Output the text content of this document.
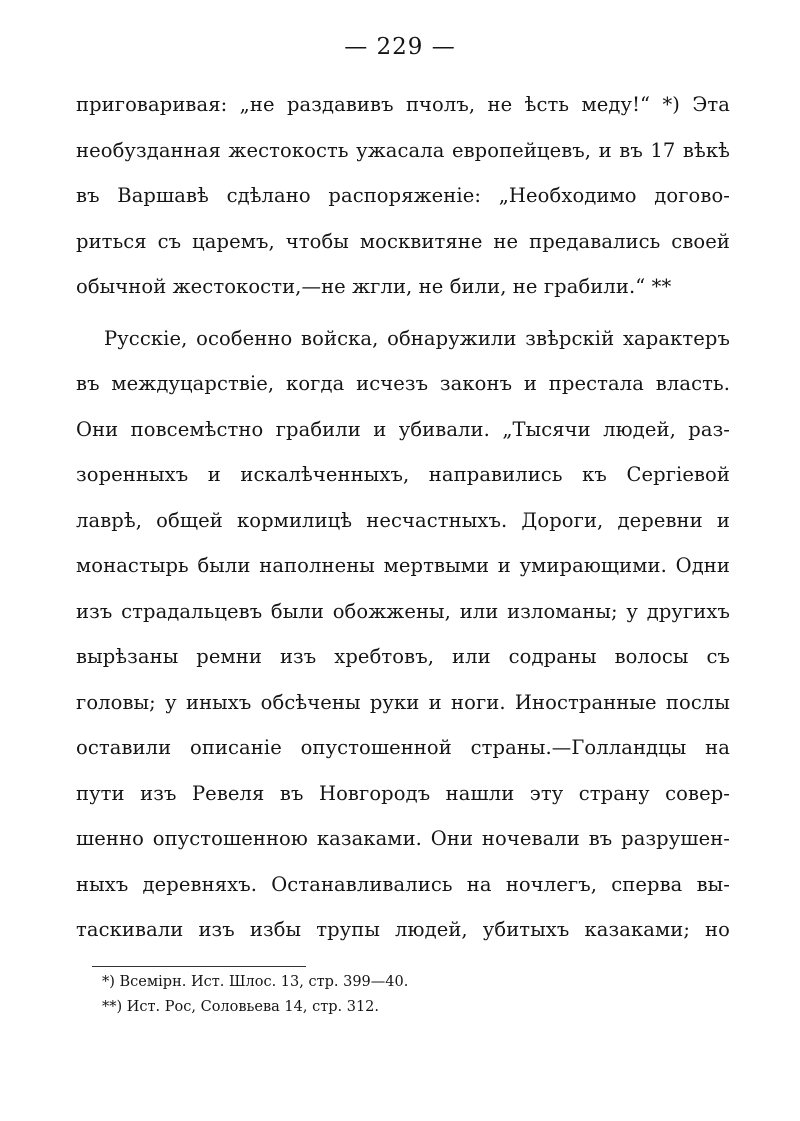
— 229 —
приговаривая: „не раздавивъ пчолъ, не ѣсть меду!“ *) Эта
необузданная жестокость ужасала европейцевъ, и въ 17 вѣкѣ
въ Варшавѣ сдѣлано распоряженіе: „Необходимо догово-
риться съ царемъ, чтобы москвитяне не предавались своей
обычной жестокости,—не жгли, не били, не грабили.“ **
Русскіе, особенно войска, обнаружили звѣрскій характеръ
въ междуцарствіе, когда исчезъ законъ и престала власть.
Они повсемѣстно грабили и убивали. „Тысячи людей, раз-
зоренныхъ и искалѣченныхъ, направились къ Сергіевой
лаврѣ, общей кормилицѣ несчастныхъ. Дороги, деревни и
монастырь были наполнены мертвыми и умирающими. Одни
изъ страдальцевъ были обожжены, или изломаны; у другихъ
вырѣзаны ремни изъ хребтовъ, или содраны волосы съ
головы; у иныхъ обсѣчены руки и ноги. Иностранные послы
оставили описаніе опустошенной страны.—Голландцы на
пути изъ Ревеля въ Новгородъ нашли эту страну совер-
шенно опустошенною казаками. Они ночевали въ разрушен-
ныхъ деревняхъ. Останавливались на ночлегъ, сперва вы-
таскивали изъ избы трупы людей, убитыхъ казаками; но
*) Всемірн. Ист. Шлос. 13, стр. 399—40.
**) Ист. Рос, Соловьева 14, стр. 312.
